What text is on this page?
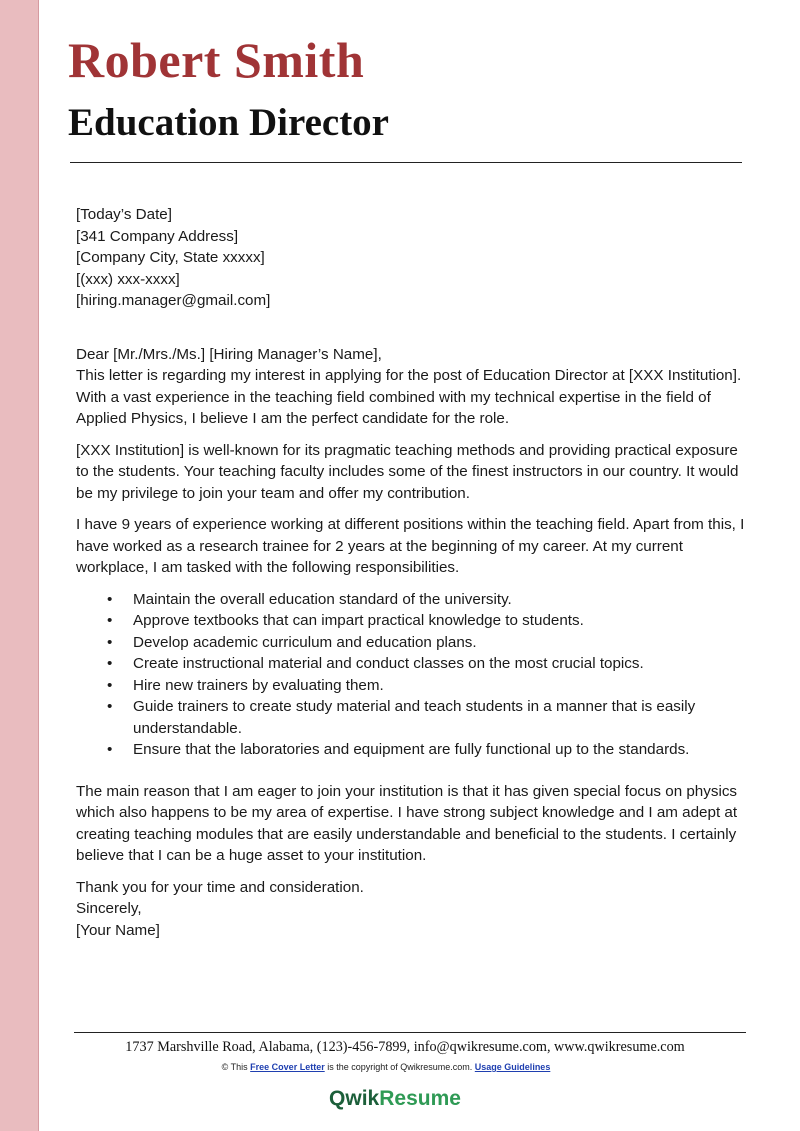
Robert Smith
Education Director

[Today’s Date]

[341 Company Address]

[Company City, State xxxxx]

[(xxx) xxx-xxxx]

[hiring.manager@gmail.com]

Dear [Mr./Mrs./Ms.] [Hiring Manager’s Name],

This letter is regarding my interest in applying for the post of Education Director at [XXX Institution]. With a vast experience in the teaching field combined with my technical expertise in the field of Applied Physics, I believe I am the perfect candidate for the role.

[XXX Institution] is well-known for its pragmatic teaching methods and providing practical exposure to the students. Your teaching faculty includes some of the finest instructors in our country. It would be my privilege to join your team and offer my contribution.

I have 9 years of experience working at different positions within the teaching field. Apart from this, I have worked as a research trainee for 2 years at the beginning of my career. At my current workplace, I am tasked with the following responsibilities.

• Maintain the overall education standard of the university.
• Approve textbooks that can impart practical knowledge to students.
• Develop academic curriculum and education plans.
• Create instructional material and conduct classes on the most crucial topics.
• Hire new trainers by evaluating them.
• Guide trainers to create study material and teach students in a manner that is easily understandable.
• Ensure that the laboratories and equipment are fully functional up to the standards.

The main reason that I am eager to join your institution is that it has given special focus on physics which also happens to be my area of expertise. I have strong subject knowledge and I am adept at creating teaching modules that are easily understandable and beneficial to the students. I certainly believe that I can be a huge asset to your institution.

Thank you for your time and consideration.

Sincerely,

[Your Name]

1737 Marshville Road, Alabama, (123)-456-7899, info@qwikresume.com, www.qwikresume.com
© This Free Cover Letter is the copyright of Qwikresume.com. Usage Guidelines
QwikResume
